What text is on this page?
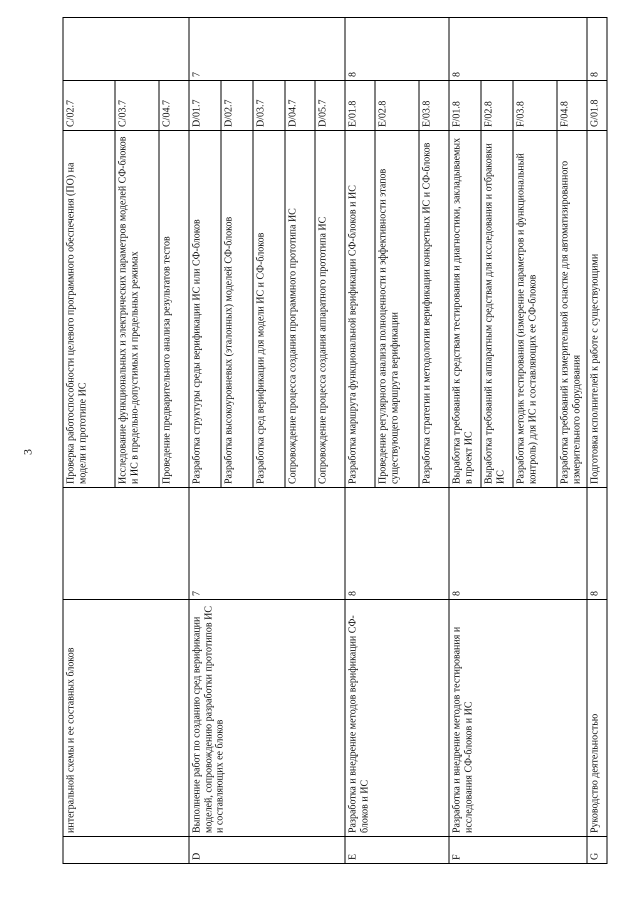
3
	интегральной схемы и ее составных блоков		Проверка работоспособности целевого программного обеспечения (ПО) на модели и прототипе ИС	C/02.7	
			Исследование функциональных и электрических параметров моделей СФ-блоков и ИС в предельно-допустимых и предельных режимах	C/03.7	
			Проведение предварительного анализа результатов тестов	C/04.7	
D	Выполнение работ по созданию сред верификации моделей, сопровождению разработки прототипов ИС и составляющих ее блоков	7	Разработка структуры среды верификации ИС или СФ-блоков	D/01.7	7
			Разработка высокоуровневых (эталонных) моделей СФ-блоков	D/02.7	
			Разработка сред верификации для модели ИС и СФ-блоков	D/03.7	
			Сопровождение процесса создания программного прототипа ИС	D/04.7	
			Сопровождение процесса создания аппаратного прототипа ИС	D/05.7	
E	Разработка и внедрение методов верификации СФ-блоков и ИС	8	Разработка маршрута функциональной верификации СФ-блоков и ИС	E/01.8	8
			Проведение регулярного анализа полноценности и эффективности этапов существующего маршрута верификации	E/02.8	
			Разработка стратегии и методологии верификации конкретных ИС и СФ-блоков	E/03.8	
F	Разработка и внедрение методов тестирования и исследования СФ-блоков и ИС	8	Выработка требований к средствам тестирования и диагностики, закладываемых в проект ИС	F/01.8	8
			Выработка требований к аппаратным средствам для исследования и отбраковки ИС	F/02.8	
			Разработка методик тестирования (измерение параметров и функциональный контроль) для ИС и составляющих ее СФ-блоков	F/03.8	
			Разработка требований к измерительной оснастке для автоматизированного измерительного оборудования	F/04.8	
G	Руководство деятельностью	8	Подготовка исполнителей к работе с существующими	G/01.8	8
